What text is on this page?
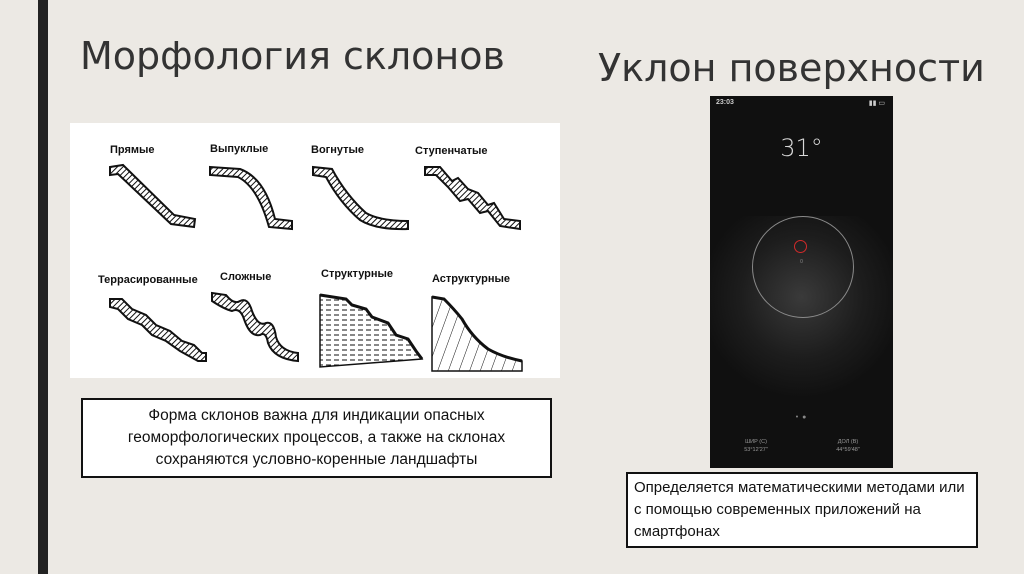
Морфология склонов Уклон поверхности
Прямые	Выпуклые	Вогнутые	Ступенчатые
Террасированные Сложные	Структурные	Аструктурные
Форма склонов важна для индикации опасных геоморфологических процессов, а также на склонах сохраняются условно-коренные ландшафты
23:03	▮▮ ▭
31°
0
• ●
ШИР (С)
53°12'27"
ДОЛ (В)
44°59'48"
Определяется математическими методами или с помощью современных приложений на смартфонах
